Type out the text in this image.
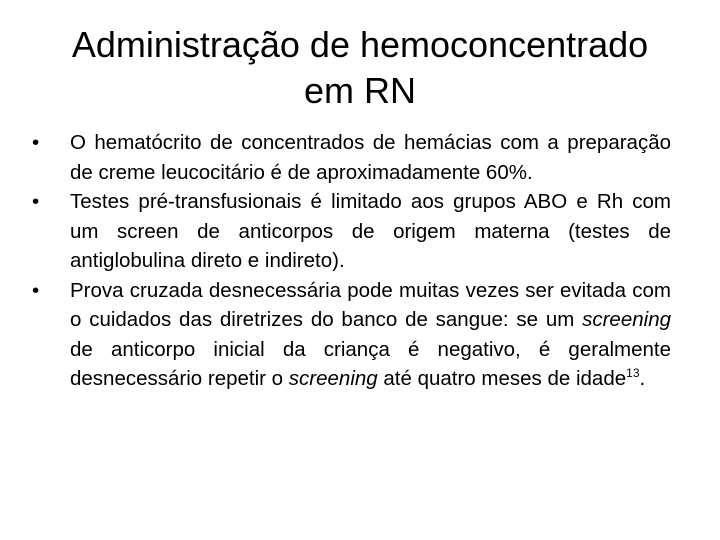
Administração de hemoconcentrado
em RN
• O hematócrito de concentrados de hemácias com a preparação de creme leucocitário é de aproximadamente 60%.
• Testes pré-transfusionais é limitado aos grupos ABO e Rh com um screen de anticorpos de origem materna (testes de antiglobulina direto e indireto).
• Prova cruzada desnecessária pode muitas vezes ser evitada com o cuidados das diretrizes do banco de sangue: se um screening de anticorpo inicial da criança é negativo, é geralmente desnecessário repetir o screening até quatro meses de idade$^{13}$.
